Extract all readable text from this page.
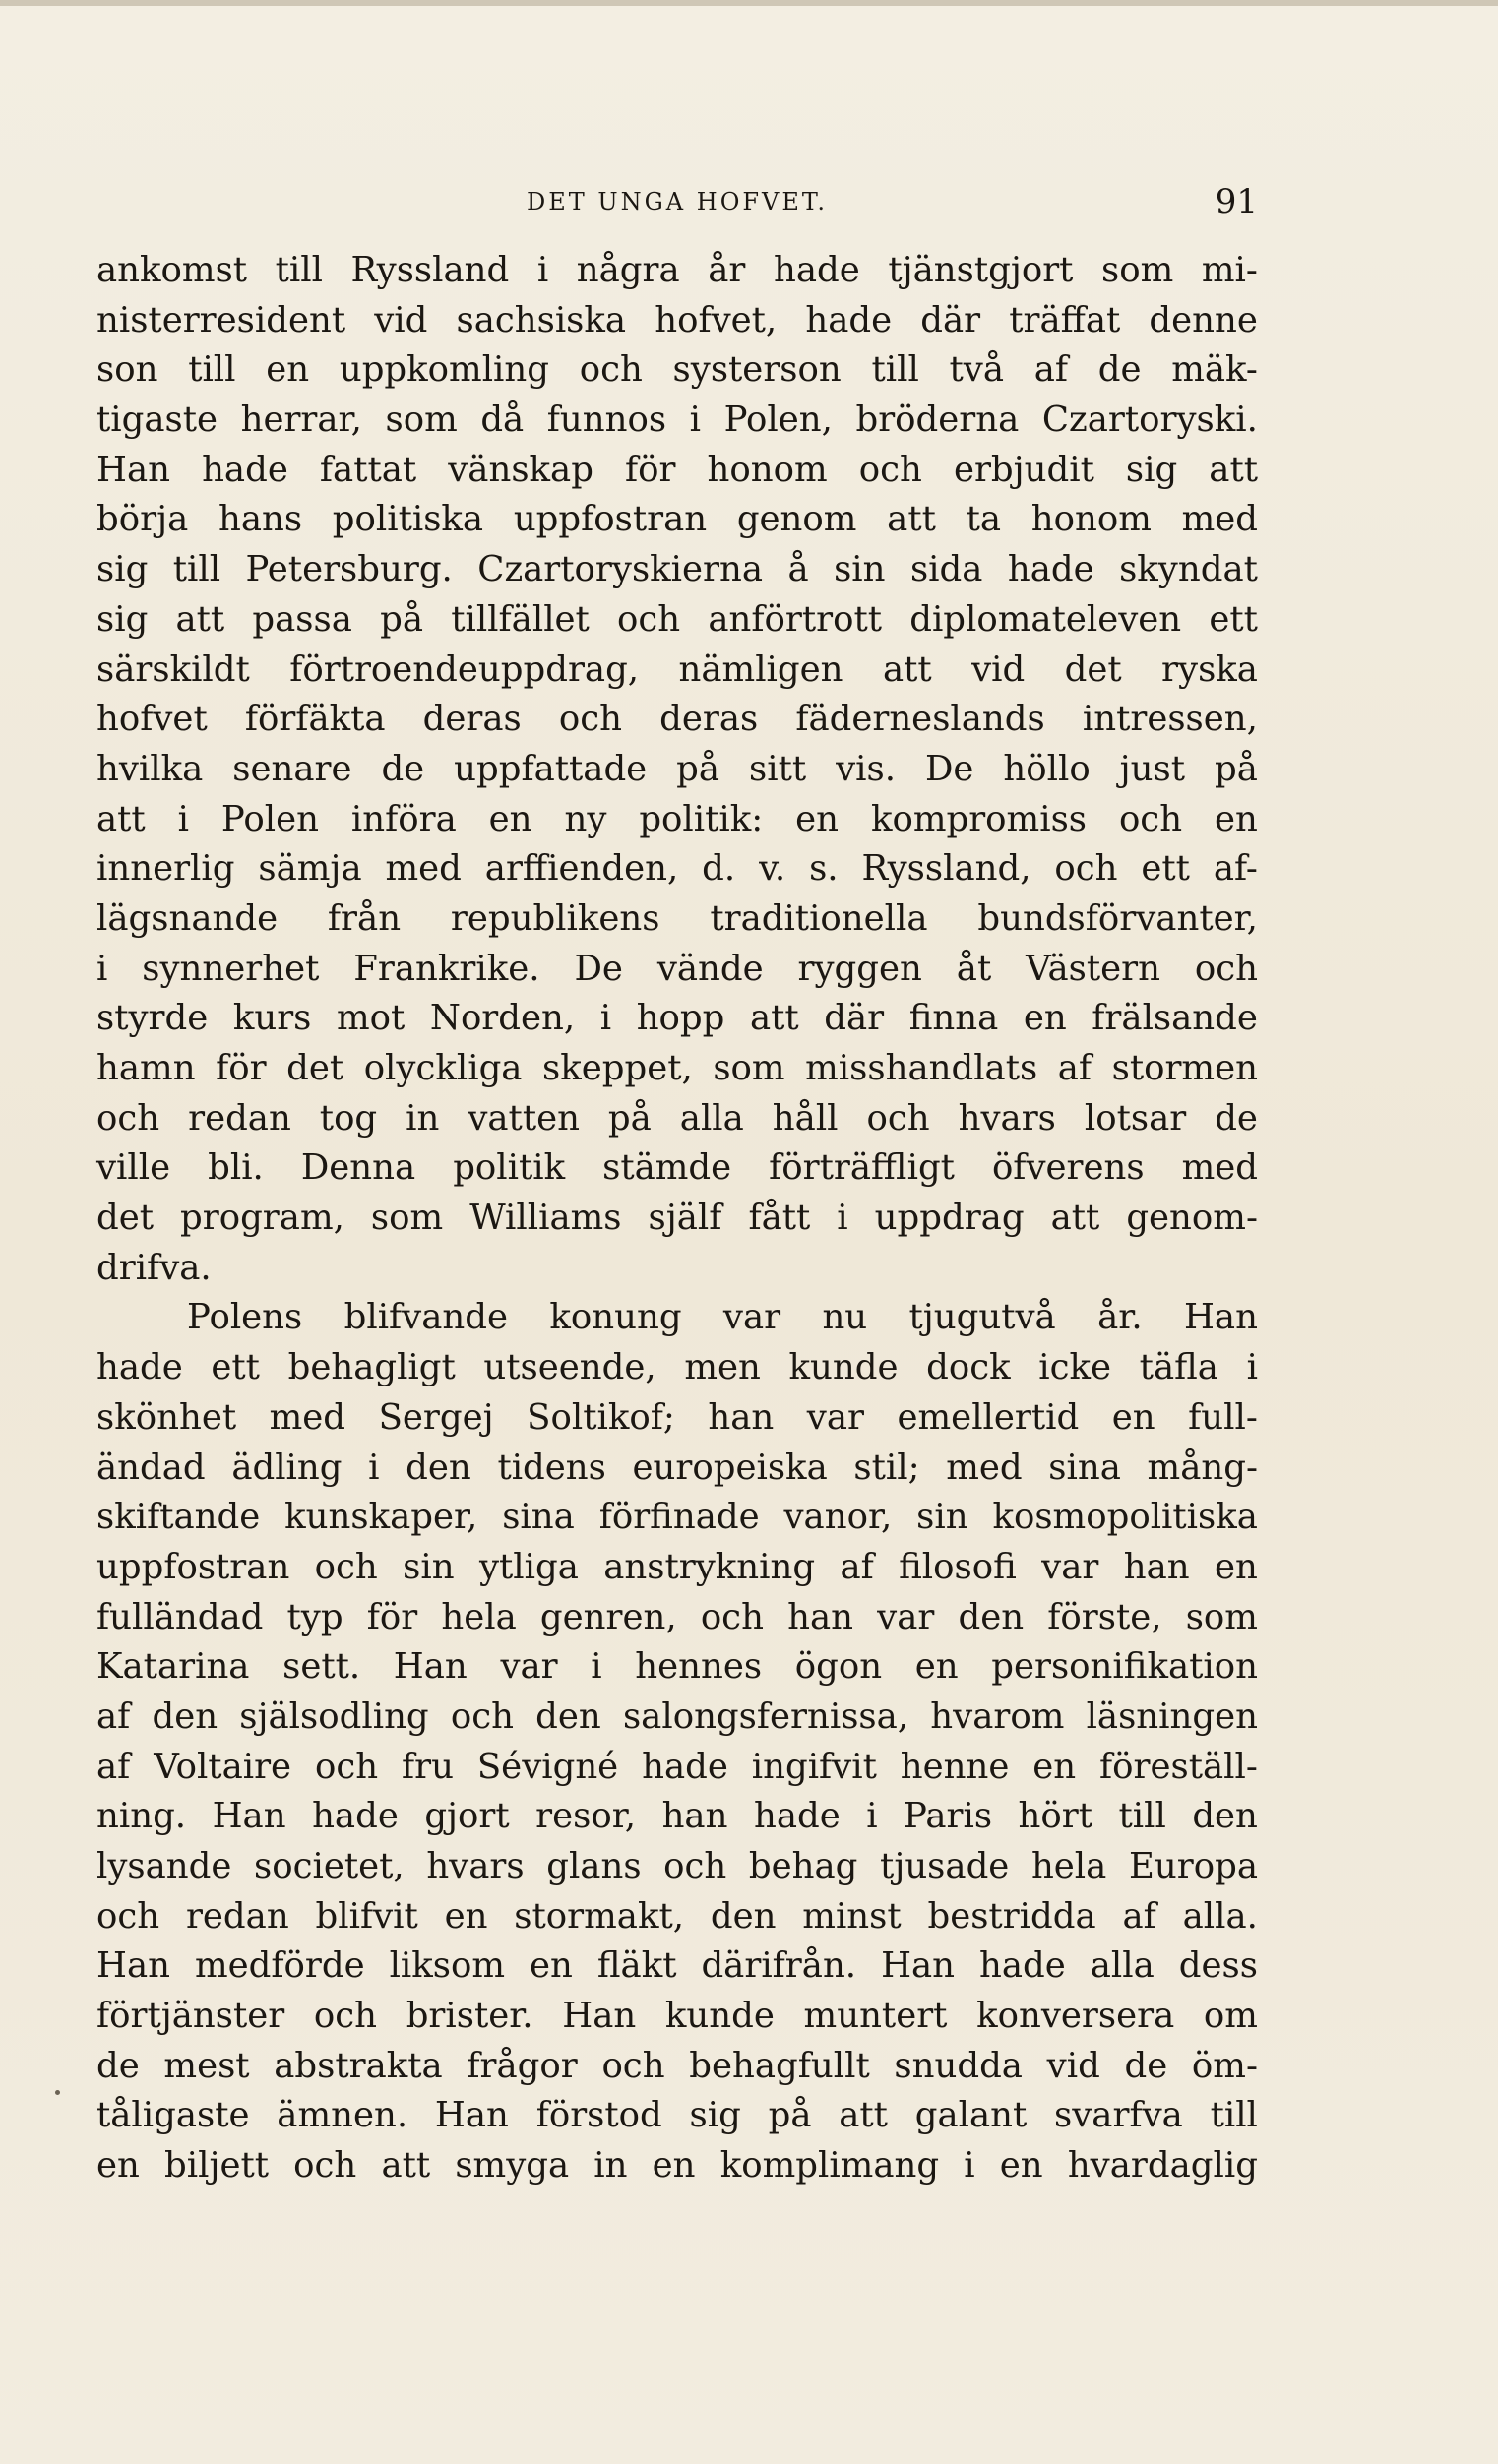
DET UNGA HOFVET.	91
ankomst till Ryssland i några år hade tjänstgjort som mi-
nisterresident vid sachsiska hofvet, hade där träffat denne
son till en uppkomling och systerson till två af de mäk-
tigaste herrar, som då funnos i Polen, bröderna Czartoryski.
Han hade fattat vänskap för honom och erbjudit sig att
börja hans politiska uppfostran genom att ta honom med
sig till Petersburg. Czartoryskierna å sin sida hade skyndat
sig att passa på tillfället och anförtrott diplomateleven ett
särskildt förtroendeuppdrag, nämligen att vid det ryska
hofvet förfäkta deras och deras fäderneslands intressen,
hvilka senare de uppfattade på sitt vis. De höllo just på
att i Polen införa en ny politik: en kompromiss och en
innerlig sämja med arffienden, d. v. s. Ryssland, och ett af-
lägsnande från republikens traditionella bundsförvanter,
i synnerhet Frankrike. De vände ryggen åt Västern och
styrde kurs mot Norden, i hopp att där finna en frälsande
hamn för det olyckliga skeppet, som misshandlats af stormen
och redan tog in vatten på alla håll och hvars lotsar de
ville bli. Denna politik stämde förträffligt öfverens med
det program, som Williams själf fått i uppdrag att genom-
drifva.
Polens blifvande konung var nu tjugutvå år. Han
hade ett behagligt utseende, men kunde dock icke täfla i
skönhet med Sergej Soltikof; han var emellertid en full-
ändad ädling i den tidens europeiska stil; med sina mång-
skiftande kunskaper, sina förfinade vanor, sin kosmopolitiska
uppfostran och sin ytliga anstrykning af filosofi var han en
fulländad typ för hela genren, och han var den förste, som
Katarina sett. Han var i hennes ögon en personifikation
af den själsodling och den salongsfernissa, hvarom läsningen
af Voltaire och fru Sévigné hade ingifvit henne en föreställ-
ning. Han hade gjort resor, han hade i Paris hört till den
lysande societet, hvars glans och behag tjusade hela Europa
och redan blifvit en stormakt, den minst bestridda af alla.
Han medförde liksom en fläkt därifrån. Han hade alla dess
förtjänster och brister. Han kunde muntert konversera om
de mest abstrakta frågor och behagfullt snudda vid de öm-
tåligaste ämnen. Han förstod sig på att galant svarfva till
en biljett och att smyga in en komplimang i en hvardaglig
